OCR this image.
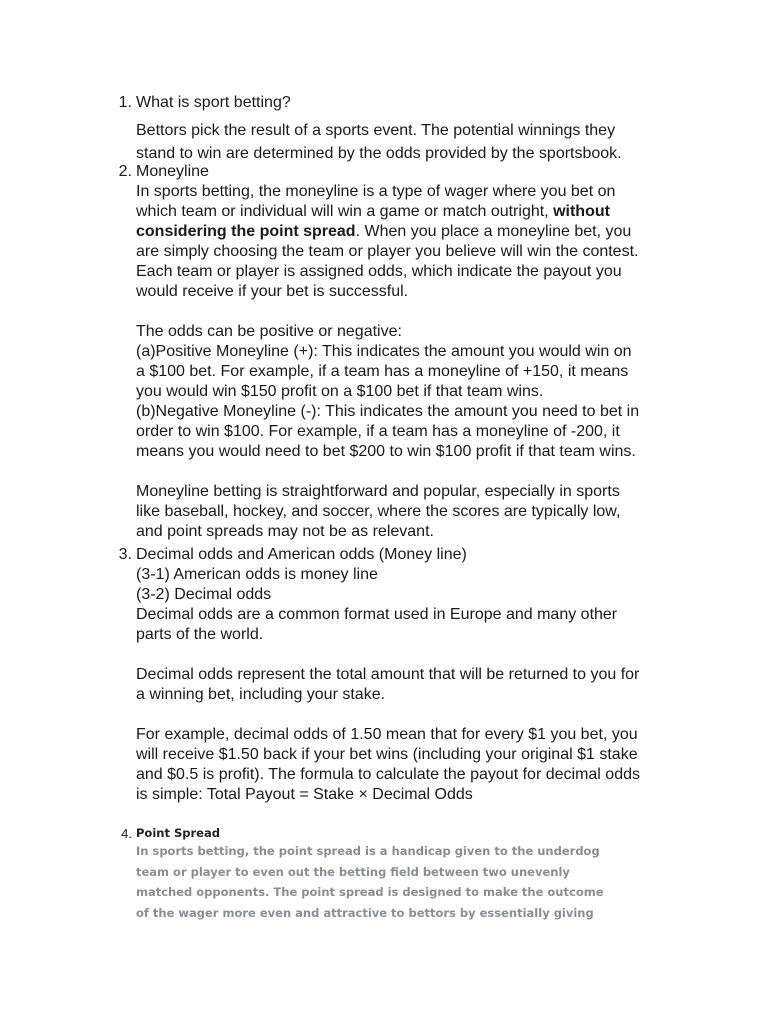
1. What is sport betting?

Bettors pick the result of a sports event. The potential winnings they
stand to win are determined by the odds provided by the sportsbook.

2. Moneyline

In sports betting, the moneyline is a type of wager where you bet on
which team or individual will win a game or match outright, without
considering the point spread. When you place a moneyline bet, you
are simply choosing the team or player you believe will win the contest.
Each team or player is assigned odds, which indicate the payout you
would receive if your bet is successful.

The odds can be positive or negative:

(a)Positive Moneyline (+): This indicates the amount you would win on
a $100 bet. For example, if a team has a moneyline of +150, it means
you would win $150 profit on a $100 bet if that team wins.

(b)Negative Moneyline (-): This indicates the amount you need to bet in
order to win $100. For example, if a team has a moneyline of -200, it
means you would need to bet $200 to win $100 profit if that team wins.

Moneyline betting is straightforward and popular, especially in sports
like baseball, hockey, and soccer, where the scores are typically low,
and point spreads may not be as relevant.

3. Decimal odds and American odds (Money line)

(3-1) American odds is money line

(3-2) Decimal odds

Decimal odds are a common format used in Europe and many other
parts of the world.

Decimal odds represent the total amount that will be returned to you for
a winning bet, including your stake.

For example, decimal odds of 1.50 mean that for every $1 you bet, you
will receive $1.50 back if your bet wins (including your original $1 stake
and $0.5 is profit). The formula to calculate the payout for decimal odds
is simple: Total Payout = Stake × Decimal Odds

4. Point Spread

In sports betting, the point spread is a handicap given to the underdog
team or player to even out the betting field between two unevenly
matched opponents. The point spread is designed to make the outcome
of the wager more even and attractive to bettors by essentially giving
